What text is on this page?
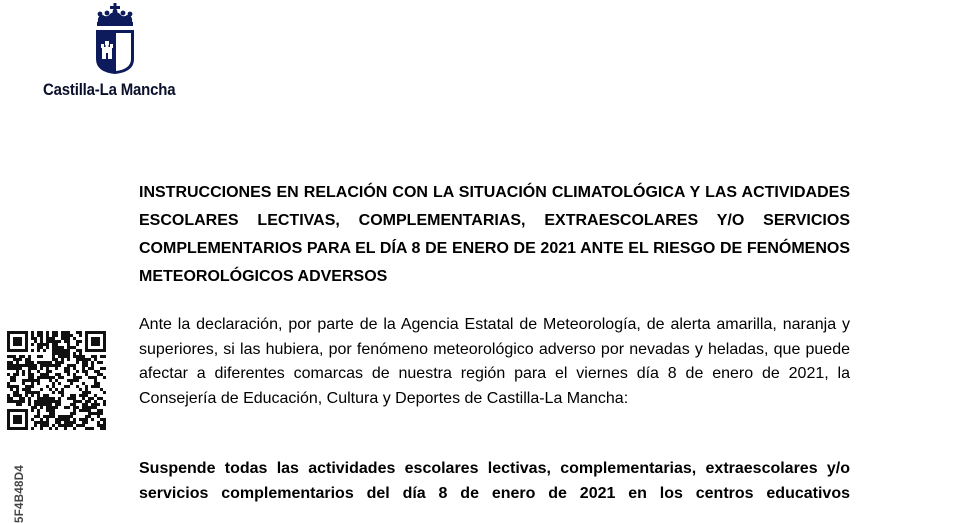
Castilla-La Mancha
INSTRUCCIONES EN RELACIÓN CON LA SITUACIÓN CLIMATOLÓGICA Y LAS ACTIVIDADES ESCOLARES LECTIVAS, COMPLEMENTARIAS, EXTRAESCOLARES Y/O SERVICIOS COMPLEMENTARIOS PARA EL DÍA 8 DE ENERO DE 2021 ANTE EL RIESGO DE FENÓMENOS METEOROLÓGICOS ADVERSOS
Ante la declaración, por parte de la Agencia Estatal de Meteorología, de alerta amarilla, naranja y superiores, si las hubiera, por fenómeno meteorológico adverso por nevadas y heladas, que puede afectar a diferentes comarcas de nuestra región para el viernes día 8 de enero de 2021, la Consejería de Educación, Cultura y Deportes de Castilla-La Mancha:
Suspende todas las actividades escolares lectivas, complementarias, extraescolares y/o servicios complementarios del día 8 de enero de 2021 en los centros educativos
5F4B48D4
